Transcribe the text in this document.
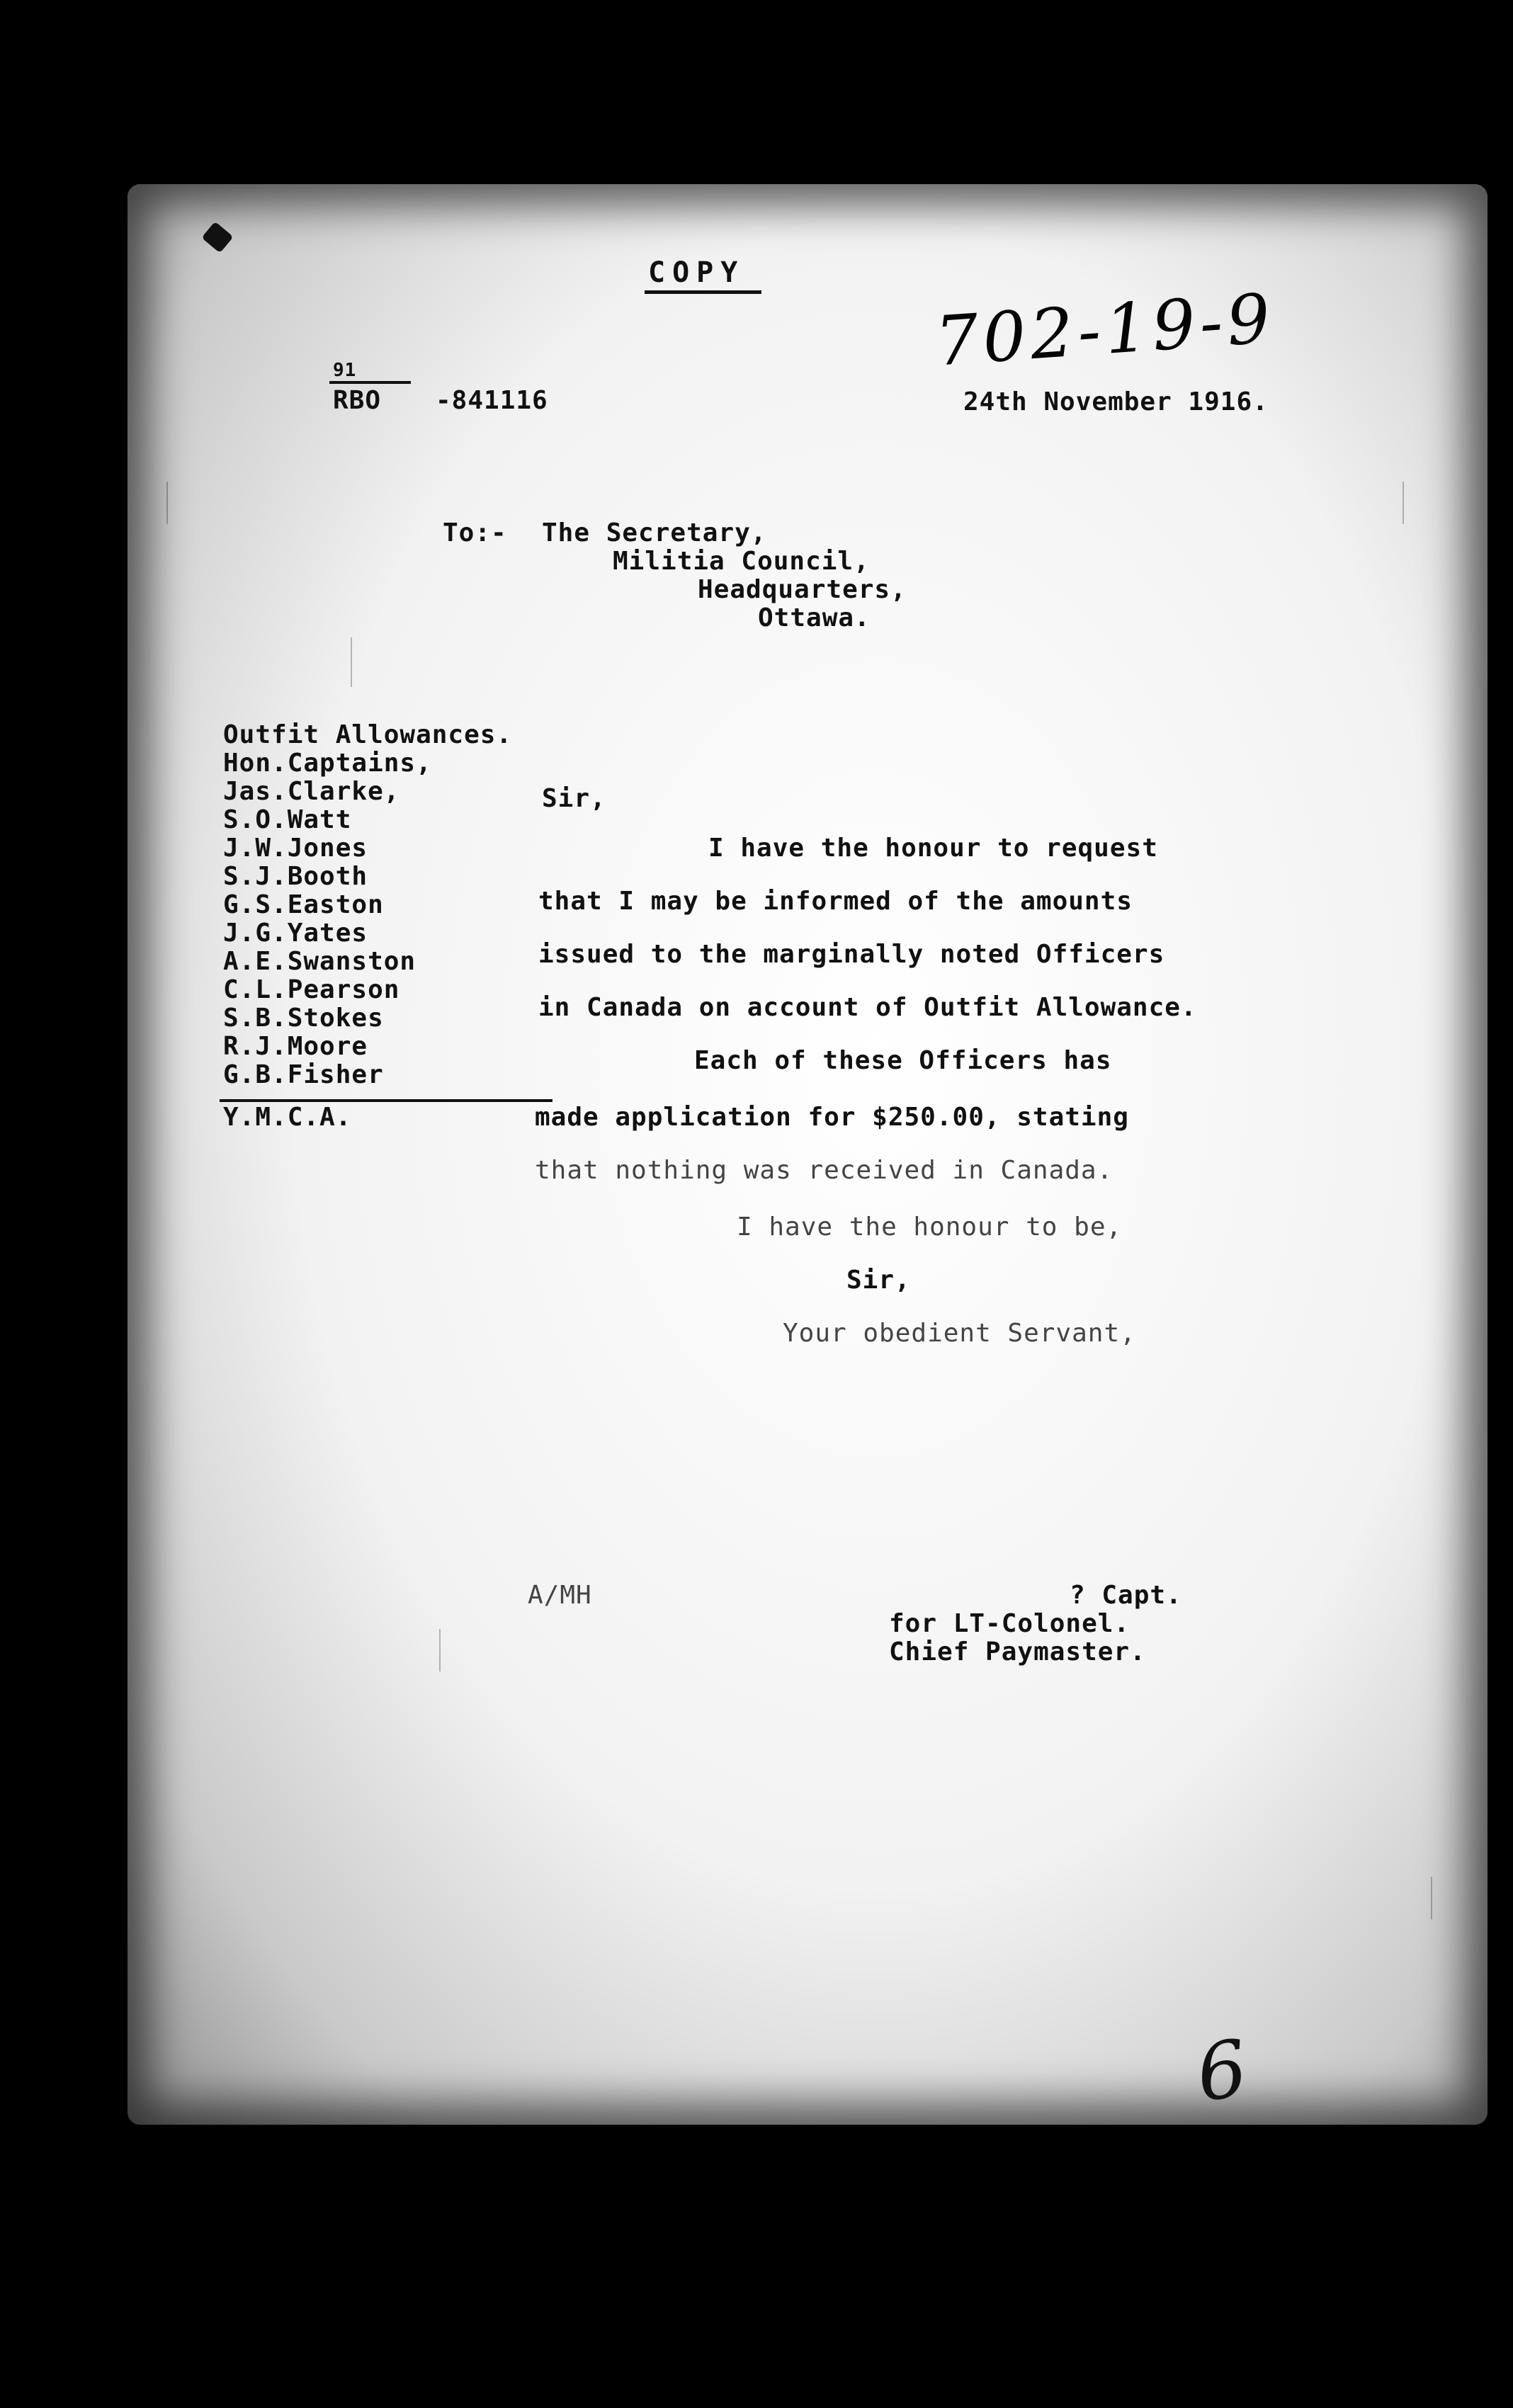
COPY
702-19-9
91
RBO -841116	24th November 1916.
To:- The Secretary,
Militia Council,
Headquarters,
Ottawa.
Outfit Allowances.
Hon.Captains,
Jas.Clarke,
S.O.Watt
J.W.Jones
S.J.Booth
G.S.Easton
J.G.Yates
A.E.Swanston
C.L.Pearson
S.B.Stokes
R.J.Moore
G.B.Fisher
Y.M.C.A.
Sir,
I have the honour to request
that I may be informed of the amounts
issued to the marginally noted Officers
in Canada on account of Outfit Allowance.
Each of these Officers has
made application for $250.00, stating
that nothing was received in Canada.
I have the honour to be,
Sir,
Your obedient Servant,
A/MH	? Capt.
for LT-Colonel.
Chief Paymaster.
6
